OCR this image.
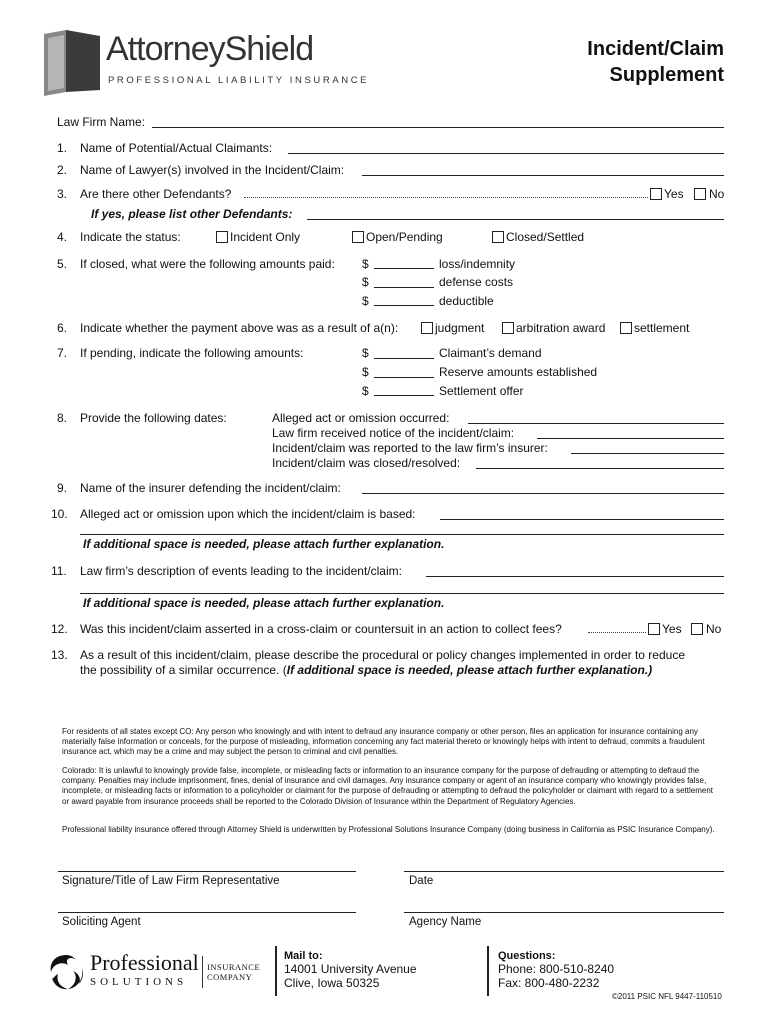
AttorneyShield
PROFESSIONAL LIABILITY INSURANCE
Incident/Claim
Supplement
Law Firm Name:
1. Name of Potential/Actual Claimants:
2. Name of Lawyer(s) involved in the Incident/Claim:
3. Are there other Defendants?	Yes No
If yes, please list other Defendants:
4. Indicate the status:	Incident Only	Open/Pending	Closed/Settled
5. If closed, what were the following amounts paid: $	loss/indemnity
$	defense costs
$	deductible
6. Indicate whether the payment above was as a result of a(n):	judgment	arbitration award settlement
7. If pending, indicate the following amounts:	$	Claimant’s demand
$	Reserve amounts established
$	Settlement offer
8. Provide the following dates:	Alleged act or omission occurred:
Law firm received notice of the incident/claim:
Incident/claim was reported to the law firm’s insurer:
Incident/claim was closed/resolved:
9. Name of the insurer defending the incident/claim:
10. Alleged act or omission upon which the incident/claim is based:
If additional space is needed, please attach further explanation.
11. Law firm’s description of events leading to the incident/claim:
If additional space is needed, please attach further explanation.
12. Was this incident/claim asserted in a cross-claim or countersuit in an action to collect fees?	Yes No
13. As a result of this incident/claim, please describe the procedural or policy changes implemented in order to reduce
the possibility of a similar occurrence. (If additional space is needed, please attach further explanation.)
For residents of all states except CO: Any person who knowingly and with intent to defraud any insurance company or other person, files an application for insurance containing any materially false information or conceals, for the purpose of misleading, information concerning any fact material thereto or knowingly helps with intent to defraud, commits a fraudulent insurance act, which may be a crime and may subject the person to criminal and civil penalties.
Colorado: It is unlawful to knowingly provide false, incomplete, or misleading facts or information to an insurance company for the purpose of defrauding or attempting to defraud the company. Penalties may include imprisonment, fines, denial of insurance and civil damages. Any insurance company or agent of an insurance company who knowingly provides false, incomplete, or misleading facts or information to a policyholder or claimant for the purpose of defrauding or attempting to defraud the policyholder or claimant with regard to a settlement or award payable from insurance proceeds shall be reported to the Colorado Division of Insurance within the Department of Regulatory Agencies.
Professional liability insurance offered through Attorney Shield is underwritten by Professional Solutions Insurance Company (doing business in California as PSIC Insurance Company).
Signature/Title of Law Firm Representative	Date
Soliciting Agent	Agency Name
Professional
SOLUTIONS
INSURANCE
COMPANY
Mail to:
14001 University Avenue
Clive, Iowa 50325
Questions:
Phone: 800-510-8240
Fax: 800-480-2232
©2011 PSIC NFL 9447-110510
